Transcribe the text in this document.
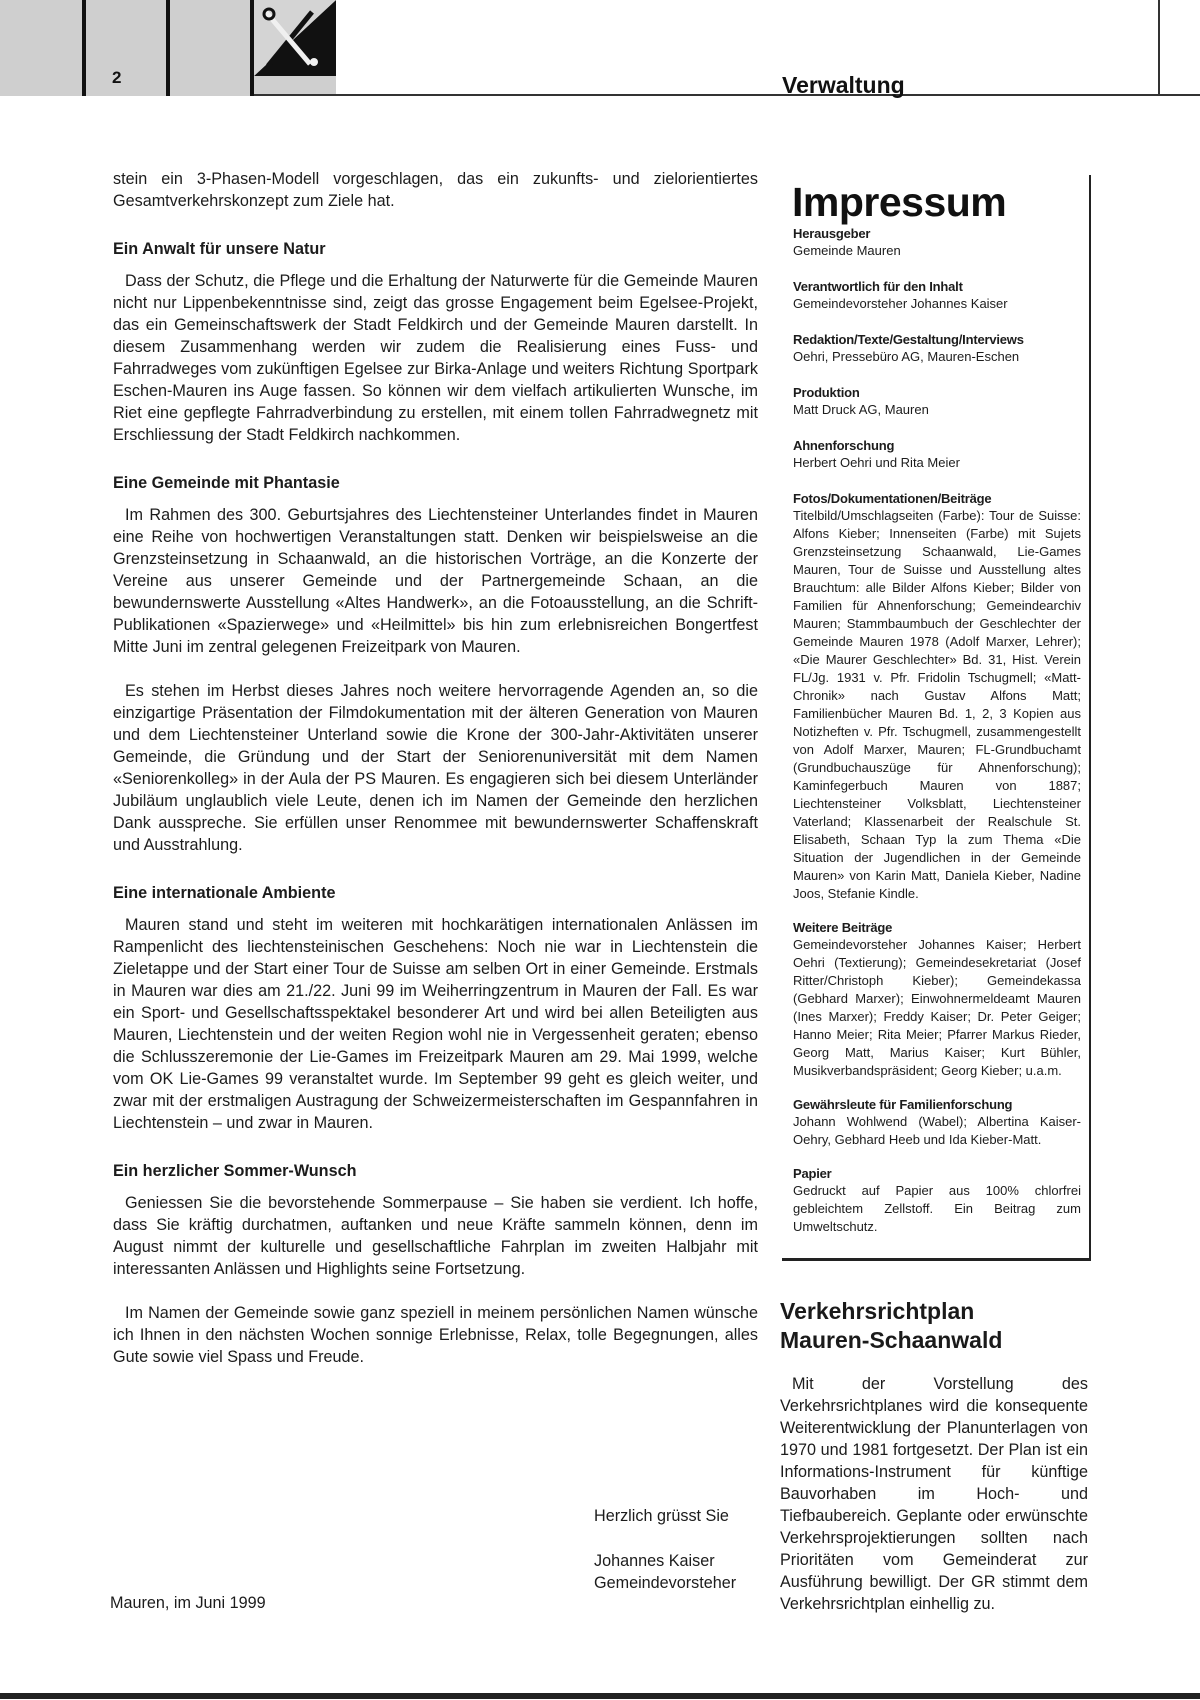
2	Verwaltung

stein ein 3-Phasen-Modell vorgeschlagen, das ein zukunfts- und zielorientiertes Gesamtverkehrskonzept zum Ziele hat.

Ein Anwalt für unsere Natur

Dass der Schutz, die Pflege und die Erhaltung der Naturwerte für die Gemeinde Mauren nicht nur Lippenbekenntnisse sind, zeigt das grosse Engagement beim Egelsee-Projekt, das ein Gemeinschaftswerk der Stadt Feldkirch und der Gemeinde Mauren darstellt. In diesem Zusammenhang werden wir zudem die Realisierung eines Fuss- und Fahrradweges vom zukünftigen Egelsee zur Birka-Anlage und weiters Richtung Sportpark Eschen-Mauren ins Auge fassen. So können wir dem vielfach artikulierten Wunsche, im Riet eine gepflegte Fahrradverbindung zu erstellen, mit einem tollen Fahrradwegnetz mit Erschliessung der Stadt Feldkirch nachkommen.

Eine Gemeinde mit Phantasie

Im Rahmen des 300. Geburtsjahres des Liechtensteiner Unterlandes findet in Mauren eine Reihe von hochwertigen Veranstaltungen statt. Denken wir beispielsweise an die Grenzsteinsetzung in Schaanwald, an die historischen Vorträge, an die Konzerte der Vereine aus unserer Gemeinde und der Partnergemeinde Schaan, an die bewundernswerte Ausstellung «Altes Handwerk», an die Fotoausstellung, an die Schrift-Publikationen «Spazierwege» und «Heilmittel» bis hin zum erlebnisreichen Bongertfest Mitte Juni im zentral gelegenen Freizeitpark von Mauren.

Es stehen im Herbst dieses Jahres noch weitere hervorragende Agenden an, so die einzigartige Präsentation der Filmdokumentation mit der älteren Generation von Mauren und dem Liechtensteiner Unterland sowie die Krone der 300-Jahr-Aktivitäten unserer Gemeinde, die Gründung und der Start der Seniorenuniversität mit dem Namen «Seniorenkolleg» in der Aula der PS Mauren. Es engagieren sich bei diesem Unterländer Jubiläum unglaublich viele Leute, denen ich im Namen der Gemeinde den herzlichen Dank ausspreche. Sie erfüllen unser Renommee mit bewundernswerter Schaffenskraft und Ausstrahlung.

Eine internationale Ambiente

Mauren stand und steht im weiteren mit hochkarätigen internationalen Anlässen im Rampenlicht des liechtensteinischen Geschehens: Noch nie war in Liechtenstein die Zieletappe und der Start einer Tour de Suisse am selben Ort in einer Gemeinde. Erstmals in Mauren war dies am 21./22. Juni 99 im Weiherringzentrum in Mauren der Fall. Es war ein Sport- und Gesellschaftsspektakel besonderer Art und wird bei allen Beteiligten aus Mauren, Liechtenstein und der weiten Region wohl nie in Vergessenheit geraten; ebenso die Schlusszeremonie der Lie-Games im Freizeitpark Mauren am 29. Mai 1999, welche vom OK Lie-Games 99 veranstaltet wurde. Im September 99 geht es gleich weiter, und zwar mit der erstmaligen Austragung der Schweizermeisterschaften im Gespannfahren in Liechtenstein – und zwar in Mauren.

Ein herzlicher Sommer-Wunsch

Geniessen Sie die bevorstehende Sommerpause – Sie haben sie verdient. Ich hoffe, dass Sie kräftig durchatmen, auftanken und neue Kräfte sammeln können, denn im August nimmt der kulturelle und gesellschaftliche Fahrplan im zweiten Halbjahr mit interessanten Anlässen und Highlights seine Fortsetzung.

Im Namen der Gemeinde sowie ganz speziell in meinem persönlichen Namen wünsche ich Ihnen in den nächsten Wochen sonnige Erlebnisse, Relax, tolle Begegnungen, alles Gute sowie viel Spass und Freude.

Herzlich grüsst Sie
Johannes Kaiser
Gemeindevorsteher
Mauren, im Juni 1999
Impressum

Herausgeber

Gemeinde Mauren

Verantwortlich für den Inhalt

Gemeindevorsteher Johannes Kaiser

Redaktion/Texte/Gestaltung/Interviews

Oehri, Pressebüro AG, Mauren-Eschen

Produktion

Matt Druck AG, Mauren

Ahnenforschung

Herbert Oehri und Rita Meier

Fotos/Dokumentationen/Beiträge

Titelbild/Umschlagseiten (Farbe): Tour de Suisse: Alfons Kieber; Innenseiten (Farbe) mit Sujets Grenzsteinsetzung Schaanwald, Lie-Games Mauren, Tour de Suisse und Ausstellung altes Brauchtum: alle Bilder Alfons Kieber; Bilder von Familien für Ahnenforschung; Gemeindearchiv Mauren; Stammbaumbuch der Geschlechter der Gemeinde Mauren 1978 (Adolf Marxer, Lehrer); «Die Maurer Geschlechter» Bd. 31, Hist. Verein FL/Jg. 1931 v. Pfr. Fridolin Tschugmell; «Matt-Chronik» nach Gustav Alfons Matt; Familienbücher Mauren Bd. 1, 2, 3 Kopien aus Notizheften v. Pfr. Tschugmell, zusammengestellt von Adolf Marxer, Mauren; FL-Grundbuchamt (Grundbuchauszüge für Ahnenforschung); Kaminfegerbuch Mauren von 1887; Liechtensteiner Volksblatt, Liechtensteiner Vaterland; Klassenarbeit der Realschule St. Elisabeth, Schaan Typ la zum Thema «Die Situation der Jugendlichen in der Gemeinde Mauren» von Karin Matt, Daniela Kieber, Nadine Joos, Stefanie Kindle.

Weitere Beiträge

Gemeindevorsteher Johannes Kaiser; Herbert Oehri (Textierung); Gemeindesekretariat (Josef Ritter/Christoph Kieber); Gemeindekassa (Gebhard Marxer); Einwohnermeldeamt Mauren (Ines Marxer); Freddy Kaiser; Dr. Peter Geiger; Hanno Meier; Rita Meier; Pfarrer Markus Rieder, Georg Matt, Marius Kaiser; Kurt Bühler, Musikverbandspräsident; Georg Kieber; u.a.m.

Gewährsleute für Familienforschung

Johann Wohlwend (Wabel); Albertina Kaiser-Oehry, Gebhard Heeb und Ida Kieber-Matt.

Papier

Gedruckt auf Papier aus 100% chlorfrei gebleichtem Zellstoff. Ein Beitrag zum Umweltschutz.

Verkehrsrichtplan
Mauren-Schaanwald

Mit der Vorstellung des Verkehrsrichtplanes wird die konsequente Weiterentwicklung der Planunterlagen von 1970 und 1981 fortgesetzt. Der Plan ist ein Informations-Instrument für künftige Bauvorhaben im Hoch- und Tiefbaubereich. Geplante oder erwünschte Verkehrsprojektierungen sollten nach Prioritäten vom Gemeinderat zur Ausführung bewilligt. Der GR stimmt dem Verkehrsrichtplan einhellig zu.
